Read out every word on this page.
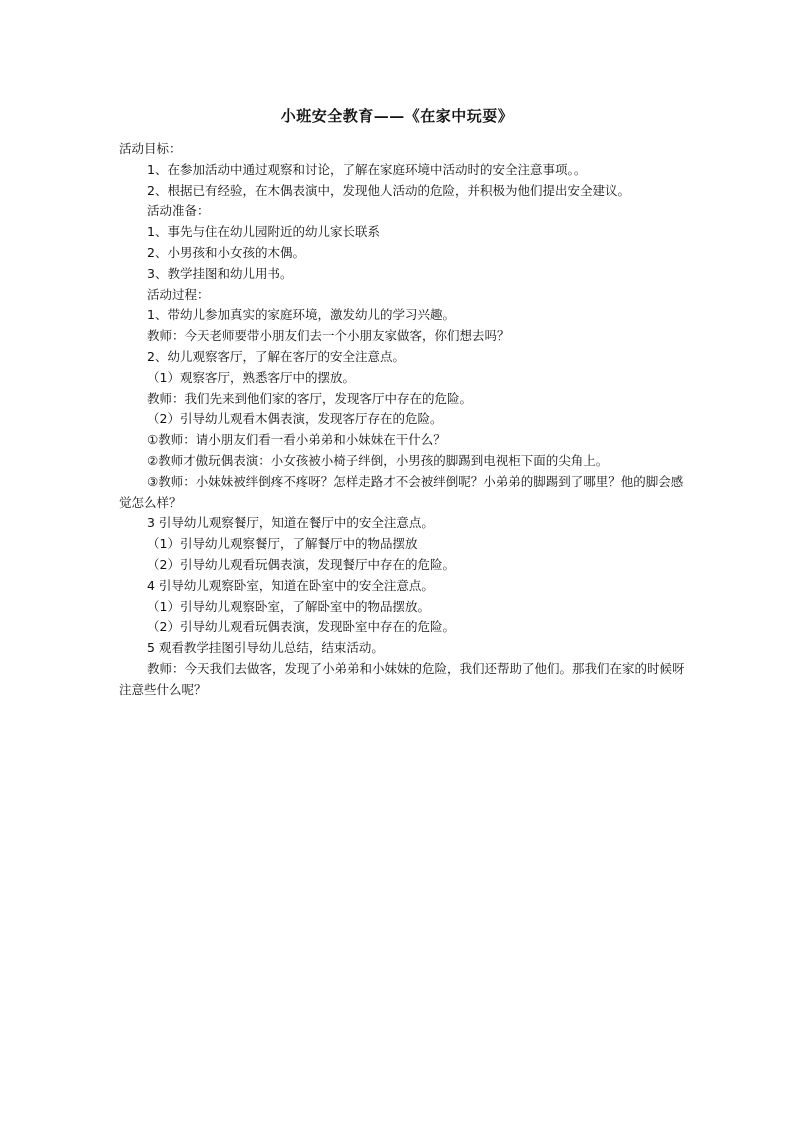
小班安全教育——《在家中玩耍》
活动目标：
1、在参加活动中通过观察和讨论，了解在家庭环境中活动时的安全注意事项。。
2、根据已有经验，在木偶表演中，发现他人活动的危险，并积极为他们提出安全建议。
活动准备：
1、事先与住在幼儿园附近的幼儿家长联系
2、小男孩和小女孩的木偶。
3、教学挂图和幼儿用书。
活动过程：
1、带幼儿参加真实的家庭环境，激发幼儿的学习兴趣。
教师：今天老师要带小朋友们去一个小朋友家做客，你们想去吗？
2、幼儿观察客厅，了解在客厅的安全注意点。
（1）观察客厅，熟悉客厅中的摆放。
教师：我们先来到他们家的客厅，发现客厅中存在的危险。
（2）引导幼儿观看木偶表演，发现客厅存在的危险。
①教师：请小朋友们看一看小弟弟和小妹妹在干什么？
②教师才傲玩偶表演：小女孩被小椅子绊倒，小男孩的脚踢到电视柜下面的尖角上。
③教师：小妹妹被绊倒疼不疼呀？怎样走路才不会被绊倒呢？小弟弟的脚踢到了哪里？他的脚会感觉怎么样？
3 引导幼儿观察餐厅，知道在餐厅中的安全注意点。
（1）引导幼儿观察餐厅，了解餐厅中的物品摆放
（2）引导幼儿观看玩偶表演，发现餐厅中存在的危险。
4 引导幼儿观察卧室，知道在卧室中的安全注意点。
（1）引导幼儿观察卧室，了解卧室中的物品摆放。
（2）引导幼儿观看玩偶表演，发现卧室中存在的危险。
5 观看教学挂图引导幼儿总结，结束活动。
教师：今天我们去做客，发现了小弟弟和小妹妹的危险，我们还帮助了他们。那我们在家的时候呀注意些什么呢？
